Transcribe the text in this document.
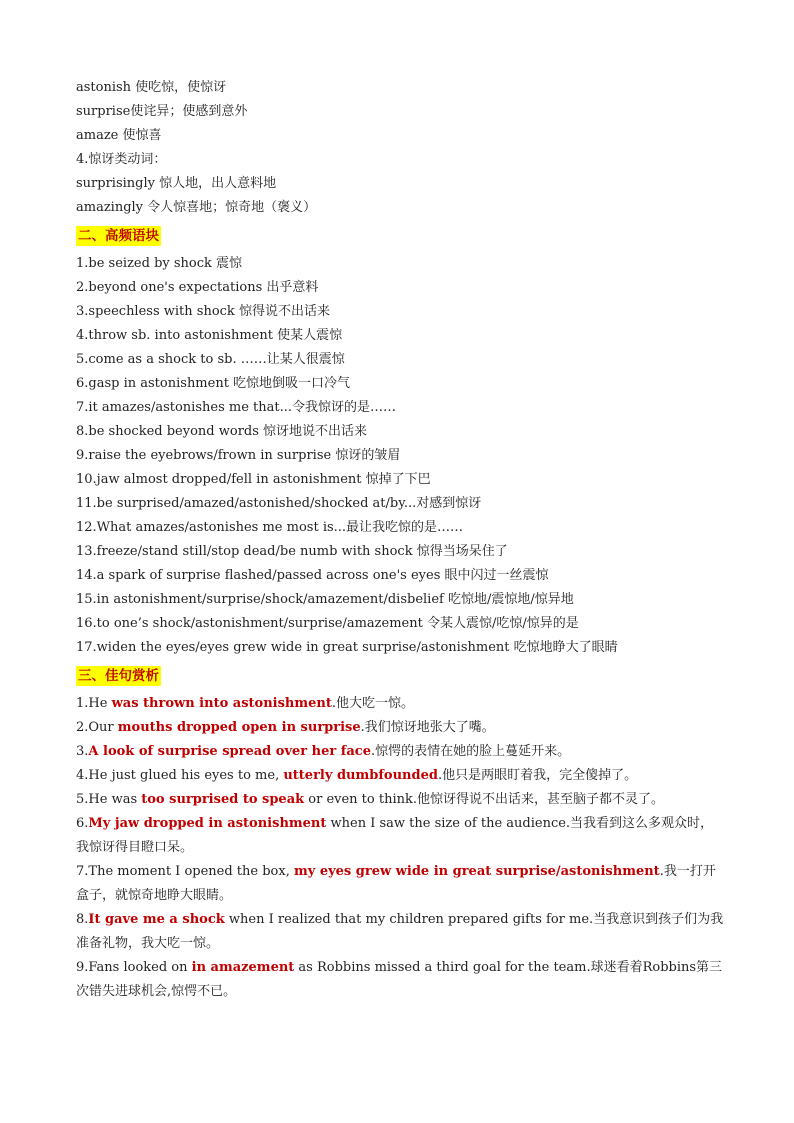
astonish 使吃惊，使惊讶
surprise使诧异；使感到意外
amaze 使惊喜
4.惊讶类动词：
surprisingly 惊人地，出人意料地
amazingly 令人惊喜地；惊奇地（褒义）
二、高频语块
1.be seized by shock 震惊
2.beyond one's expectations 出乎意料
3.speechless with shock 惊得说不出话来
4.throw sb. into astonishment 使某人震惊
5.come as a shock to sb. ……让某人很震惊
6.gasp in astonishment 吃惊地倒吸一口冷气
7.it amazes/astonishes me that...令我惊讶的是……
8.be shocked beyond words 惊讶地说不出话来
9.raise the eyebrows/frown in surprise 惊讶的皱眉
10.jaw almost dropped/fell in astonishment 惊掉了下巴
11.be surprised/amazed/astonished/shocked at/by...对感到惊讶
12.What amazes/astonishes me most is...最让我吃惊的是……
13.freeze/stand still/stop dead/be numb with shock 惊得当场呆住了
14.a spark of surprise flashed/passed across one's eyes 眼中闪过一丝震惊
15.in astonishment/surprise/shock/amazement/disbelief 吃惊地/震惊地/惊异地
16.to one’s shock/astonishment/surprise/amazement 令某人震惊/吃惊/惊异的是
17.widen the eyes/eyes grew wide in great surprise/astonishment 吃惊地睁大了眼睛
三、佳句赏析
1.He was thrown into astonishment.他大吃一惊。
2.Our mouths dropped open in surprise.我们惊讶地张大了嘴。
3.A look of surprise spread over her face.惊愕的表情在她的脸上蔓延开来。
4.He just glued his eyes to me, utterly dumbfounded.他只是两眼盯着我，完全傻掉了。
5.He was too surprised to speak or even to think.他惊讶得说不出话来，甚至脑子都不灵了。
6.My jaw dropped in astonishment when I saw the size of the audience.当我看到这么多观众时，我惊讶得目瞪口呆。
7.The moment I opened the box, my eyes grew wide in great surprise/astonishment.我一打开盒子，就惊奇地睁大眼睛。
8.It gave me a shock when I realized that my children prepared gifts for me.当我意识到孩子们为我准备礼物，我大吃一惊。
9.Fans looked on in amazement as Robbins missed a third goal for the team.球迷看着Robbins第三次错失进球机会,惊愕不已。
